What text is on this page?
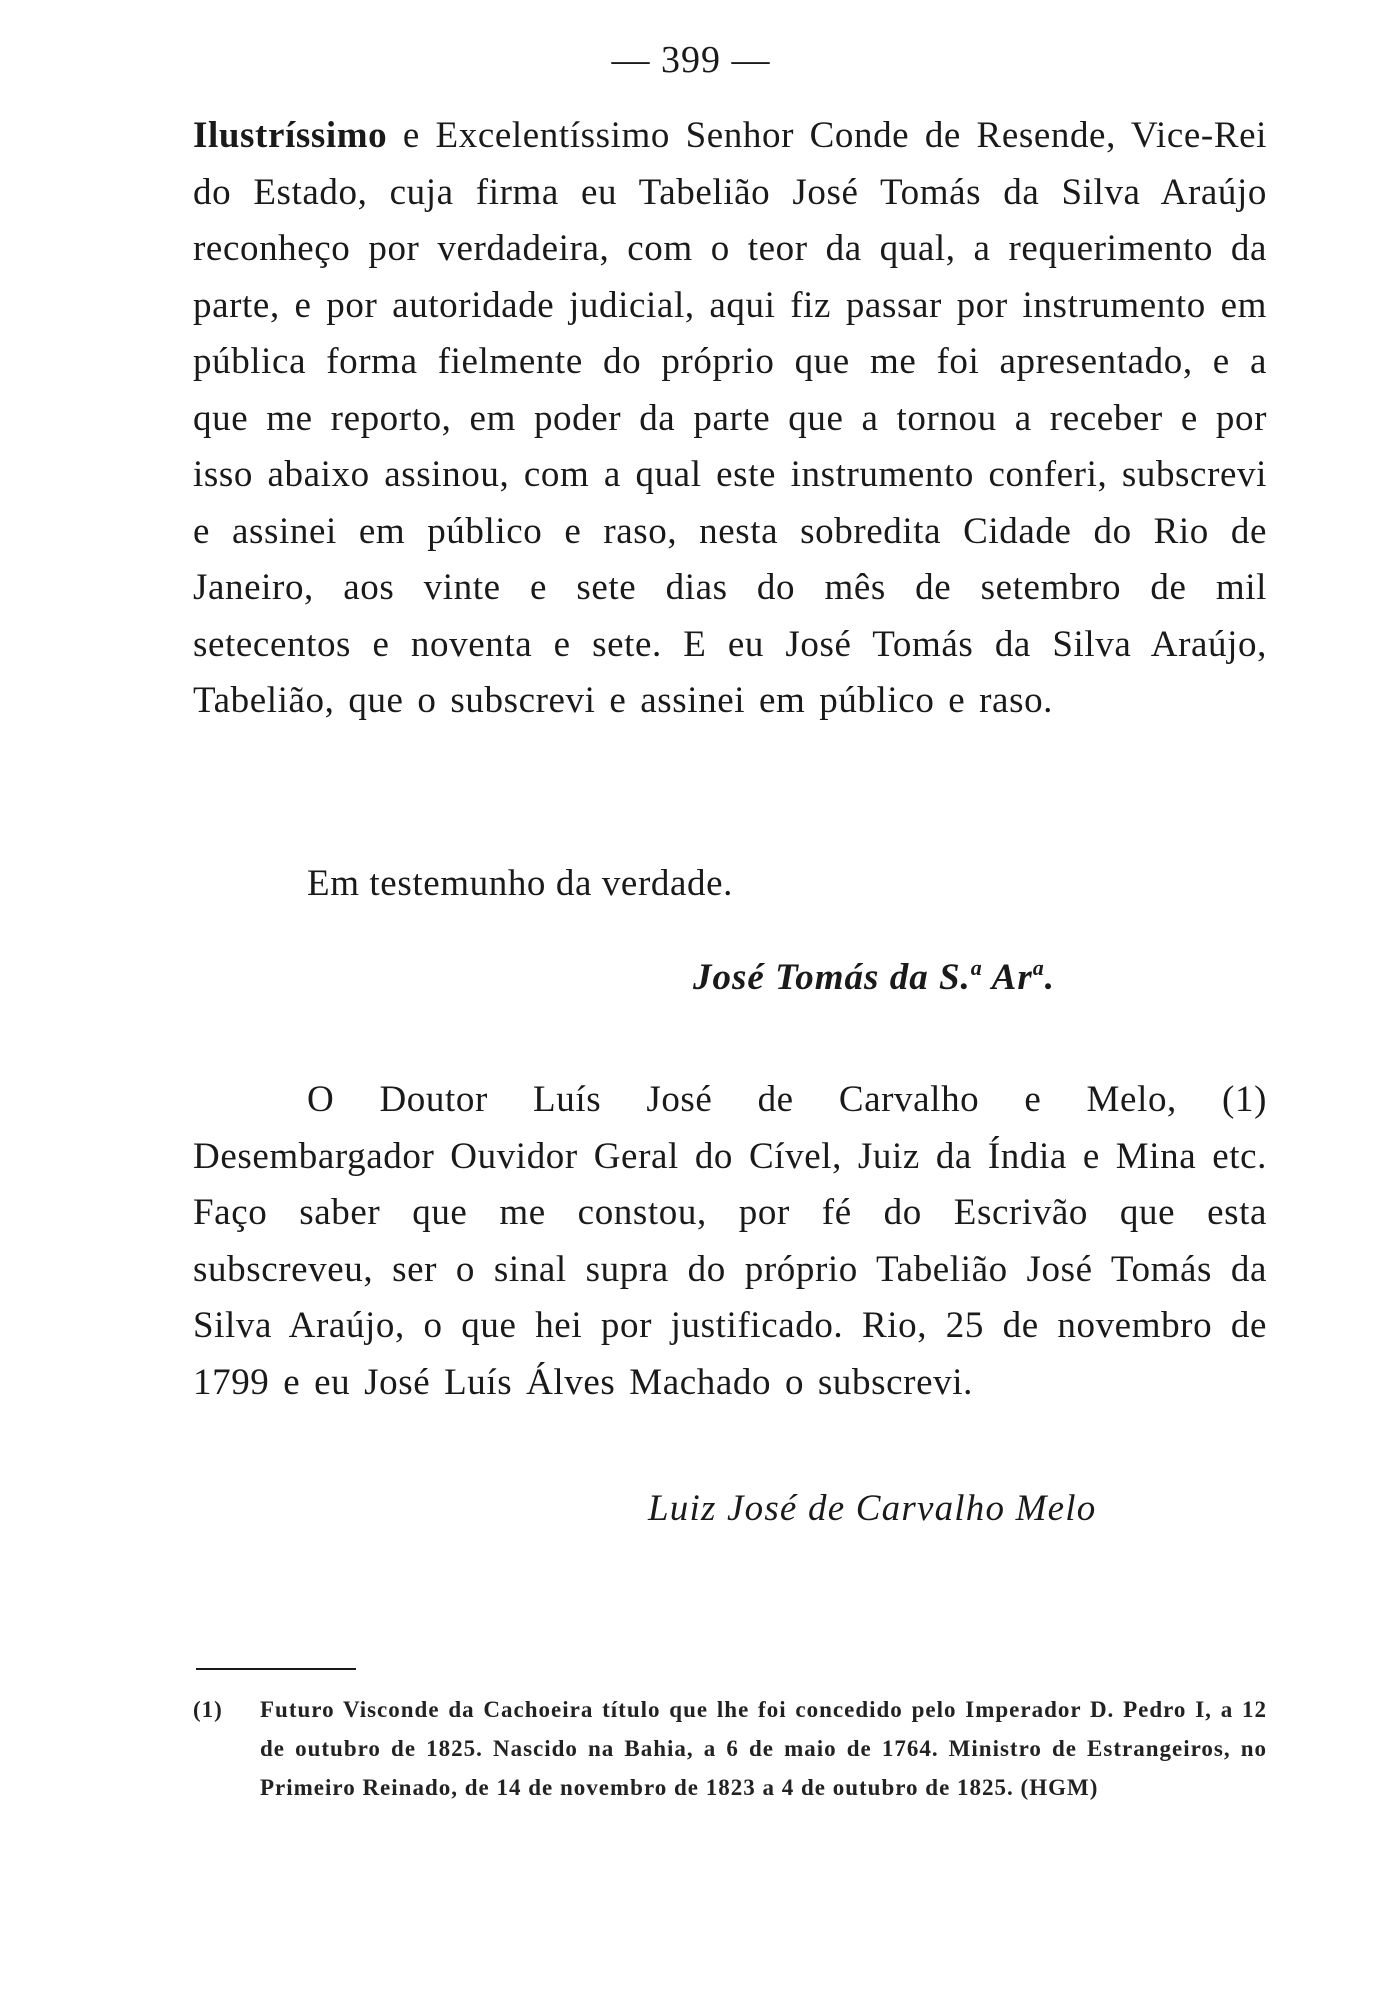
— 399 —

Ilustríssimo e Excelentíssimo Senhor Conde de Resende, Vice-Rei do Estado, cuja firma eu Tabelião José Tomás da Silva Araújo reconheço por verdadeira, com o teor da qual, a requerimento da parte, e por autoridade judicial, aqui fiz passar por instrumento em pública forma fielmente do próprio que me foi apresentado, e a que me reporto, em poder da parte que a tornou a receber e por isso abaixo assinou, com a qual este instrumento conferi, subscrevi e assinei em público e raso, nesta sobredita Cidade do Rio de Janeiro, aos vinte e sete dias do mês de setembro de mil setecentos e noventa e sete. E eu José Tomás da Silva Araújo, Tabelião, que o subscrevi e assinei em público e raso.

Em testemunho da verdade.
José Tomás da S.$^a$ Ar$^a$.

O Doutor Luís José de Carvalho e Melo, (1) Desembargador Ouvidor Geral do Cível, Juiz da Índia e Mina etc. Faço saber que me constou, por fé do Escrivão que esta subscreveu, ser o sinal supra do próprio Tabelião José Tomás da Silva Araújo, o que hei por justificado. Rio, 25 de novembro de 1799 e eu José Luís Álves Machado o subscrevi.

Luiz José de Carvalho Melo
(1) Futuro Visconde da Cachoeira título que lhe foi concedido pelo Imperador D. Pedro I, a 12 de outubro de 1825. Nascido na Bahia, a 6 de maio de 1764. Ministro de Estrangeiros, no Primeiro Reinado, de 14 de novembro de 1823 a 4 de outubro de 1825. (HGM)
